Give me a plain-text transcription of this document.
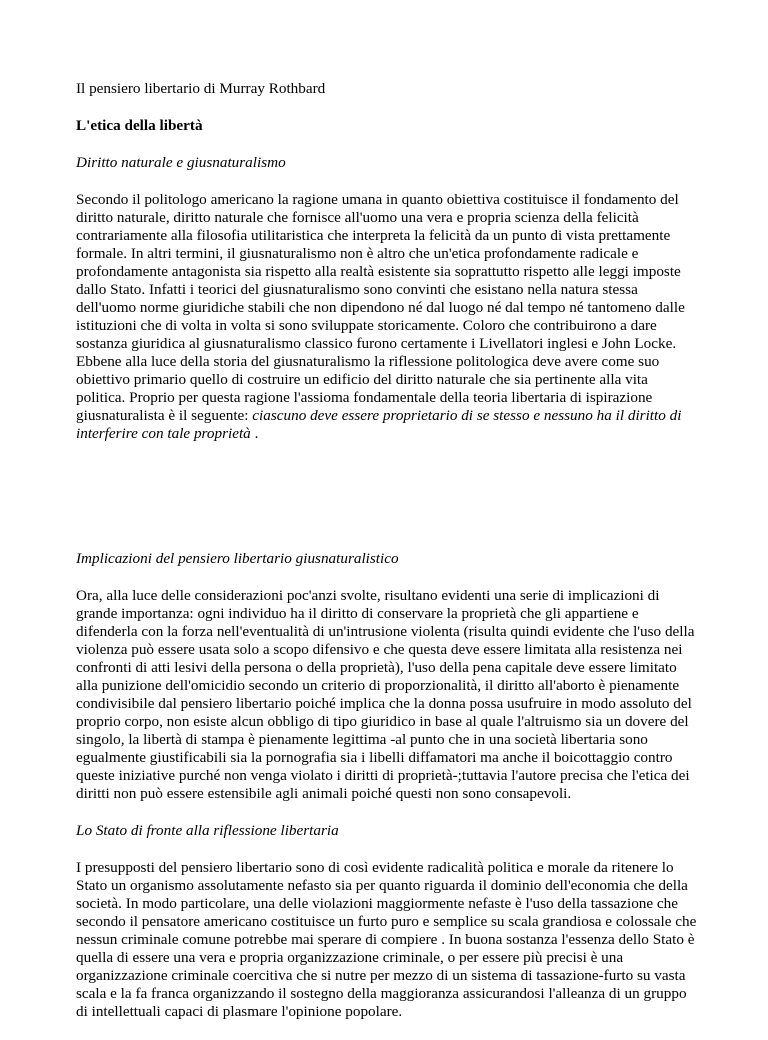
Il pensiero libertario di Murray Rothbard

L'etica della libertà

Diritto naturale e giusnaturalismo

Secondo il politologo americano la ragione umana in quanto obiettiva costituisce il fondamento del diritto naturale, diritto naturale che fornisce all'uomo una vera e propria scienza della felicità contrariamente alla filosofia utilitaristica che interpreta la felicità da un punto di vista prettamente formale. In altri termini, il giusnaturalismo non è altro che un'etica profondamente radicale e profondamente antagonista sia rispetto alla realtà esistente sia soprattutto rispetto alle leggi imposte dallo Stato. Infatti i teorici del giusnaturalismo sono convinti che esistano nella natura stessa dell'uomo norme giuridiche stabili che non dipendono né dal luogo né dal tempo né tantomeno dalle istituzioni che di volta in volta si sono sviluppate storicamente. Coloro che contribuirono a dare sostanza giuridica al giusnaturalismo classico furono certamente i Livellatori inglesi e John Locke. Ebbene alla luce della storia del giusnaturalismo la riflessione politologica deve avere come suo obiettivo primario quello di costruire un edificio del diritto naturale che sia pertinente alla vita politica. Proprio per questa ragione l'assioma fondamentale della teoria libertaria di ispirazione giusnaturalista è il seguente: ciascuno deve essere proprietario di se stesso e nessuno ha il diritto di interferire con tale proprietà .

Implicazioni del pensiero libertario giusnaturalistico

Ora, alla luce delle considerazioni poc'anzi svolte, risultano evidenti una serie di implicazioni di grande importanza: ogni individuo ha il diritto di conservare la proprietà che gli appartiene e difenderla con la forza nell'eventualità di un'intrusione violenta (risulta quindi evidente che l'uso della violenza può essere usata solo a scopo difensivo e che questa deve essere limitata alla resistenza nei confronti di atti lesivi della persona o della proprietà), l'uso della pena capitale deve essere limitato alla punizione dell'omicidio secondo un criterio di proporzionalità, il diritto all'aborto è pienamente condivisibile dal pensiero libertario poiché implica che la donna possa usufruire in modo assoluto del proprio corpo, non esiste alcun obbligo di tipo giuridico in base al quale l'altruismo sia un dovere del singolo, la libertà di stampa è pienamente legittima -al punto che in una società libertaria sono egualmente giustificabili sia la pornografia sia i libelli diffamatori ma anche il boicottaggio contro queste iniziative purché non venga violato i diritti di proprietà-;tuttavia l'autore precisa che l'etica dei diritti non può essere estensibile agli animali poiché questi non sono consapevoli.

Lo Stato di fronte alla riflessione libertaria

I presupposti del pensiero libertario sono di così evidente radicalità politica e morale da ritenere lo Stato un organismo assolutamente nefasto sia per quanto riguarda il dominio dell'economia che della società. In modo particolare, una delle violazioni maggiormente nefaste è l'uso della tassazione che secondo il pensatore americano costituisce un furto puro e semplice su scala grandiosa e colossale che nessun criminale comune potrebbe mai sperare di compiere . In buona sostanza l'essenza dello Stato è quella di essere una vera e propria organizzazione criminale, o per essere più precisi è una organizzazione criminale coercitiva che si nutre per mezzo di un sistema di tassazione-furto su vasta scala e la fa franca organizzando il sostegno della maggioranza assicurandosi l'alleanza di un gruppo di intellettuali capaci di plasmare l'opinione popolare.
